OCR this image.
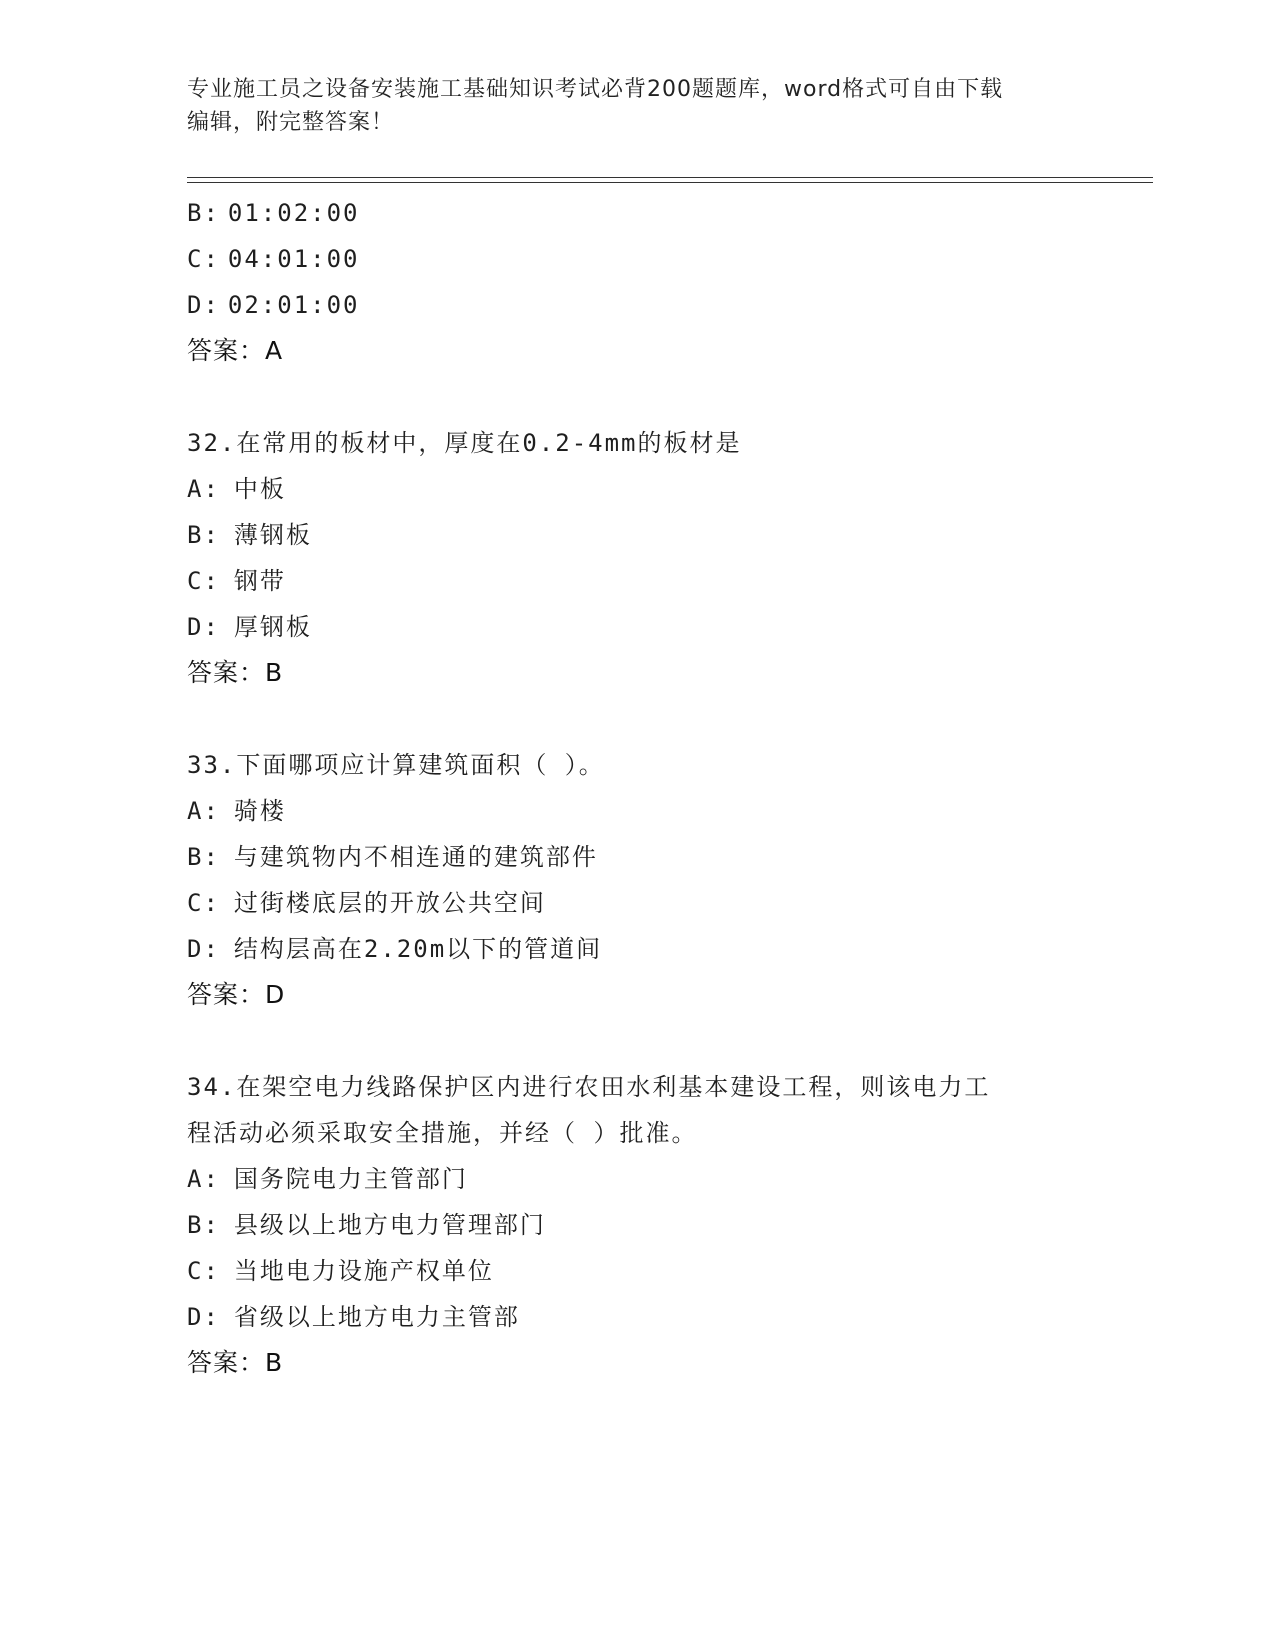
专业施工员之设备安装施工基础知识考试必背200题题库，word格式可自由下载
编辑，附完整答案！
B: 01:02:00
C: 04:01:00
D: 02:01:00
答案：A
32.在常用的板材中，厚度在0.2-4mm的板材是
A: 中板
B: 薄钢板
C: 钢带
D: 厚钢板
答案：B
33.下面哪项应计算建筑面积（ ）。
A: 骑楼
B: 与建筑物内不相连通的建筑部件
C: 过街楼底层的开放公共空间
D: 结构层高在2.20m以下的管道间
答案：D
34.在架空电力线路保护区内进行农田水利基本建设工程，则该电力工
程活动必须采取安全措施，并经（ ）批准。
A: 国务院电力主管部门
B: 县级以上地方电力管理部门
C: 当地电力设施产权单位
D: 省级以上地方电力主管部
答案：B
